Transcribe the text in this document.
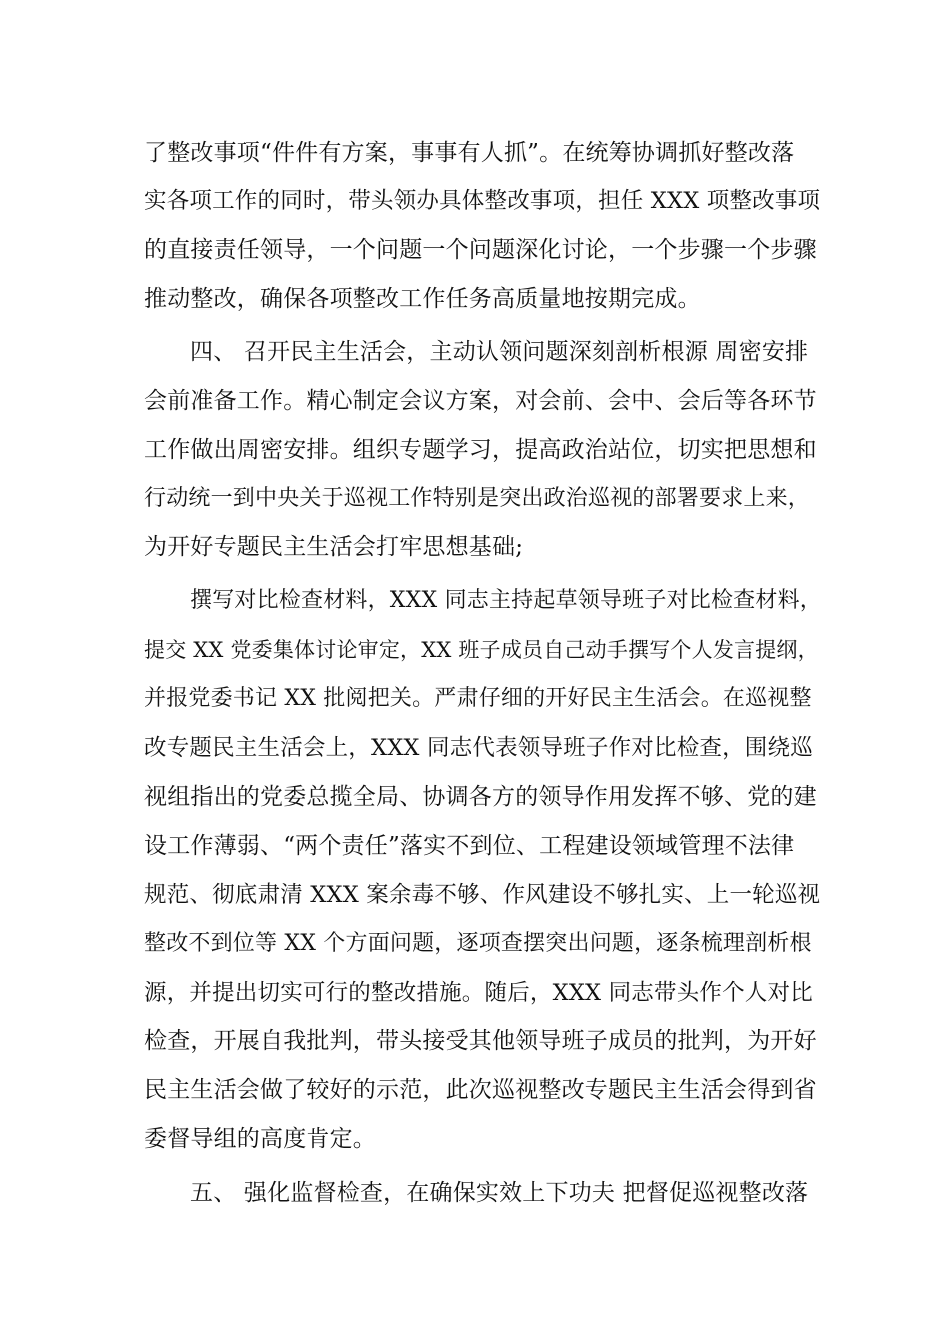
了整改事项“件件有方案，事事有人抓”。在统筹协调抓好整改落
实各项工作的同时，带头领办具体整改事项，担任 XXX 项整改事项
的直接责任领导，一个问题一个问题深化讨论，一个步骤一个步骤
推动整改，确保各项整改工作任务高质量地按期完成。
四、 召开民主生活会，主动认领问题深刻剖析根源 周密安排
会前准备工作。精心制定会议方案，对会前、会中、会后等各环节
工作做出周密安排。组织专题学习，提高政治站位，切实把思想和
行动统一到中央关于巡视工作特别是突出政治巡视的部署要求上来，
为开好专题民主生活会打牢思想基础;
撰写对比检查材料，XXX 同志主持起草领导班子对比检查材料，
提交 XX 党委集体讨论审定，XX 班子成员自己动手撰写个人发言提纲，
并报党委书记 XX 批阅把关。严肃仔细的开好民主生活会。在巡视整
改专题民主生活会上，XXX 同志代表领导班子作对比检查，围绕巡
视组指出的党委总揽全局、协调各方的领导作用发挥不够、党的建
设工作薄弱、“两个责任”落实不到位、工程建设领域管理不法律
规范、彻底肃清 XXX 案余毒不够、作风建设不够扎实、上一轮巡视
整改不到位等 XX 个方面问题，逐项查摆突出问题，逐条梳理剖析根
源，并提出切实可行的整改措施。随后，XXX 同志带头作个人对比
检查，开展自我批判，带头接受其他领导班子成员的批判，为开好
民主生活会做了较好的示范，此次巡视整改专题民主生活会得到省
委督导组的高度肯定。
五、 强化监督检查，在确保实效上下功夫 把督促巡视整改落
